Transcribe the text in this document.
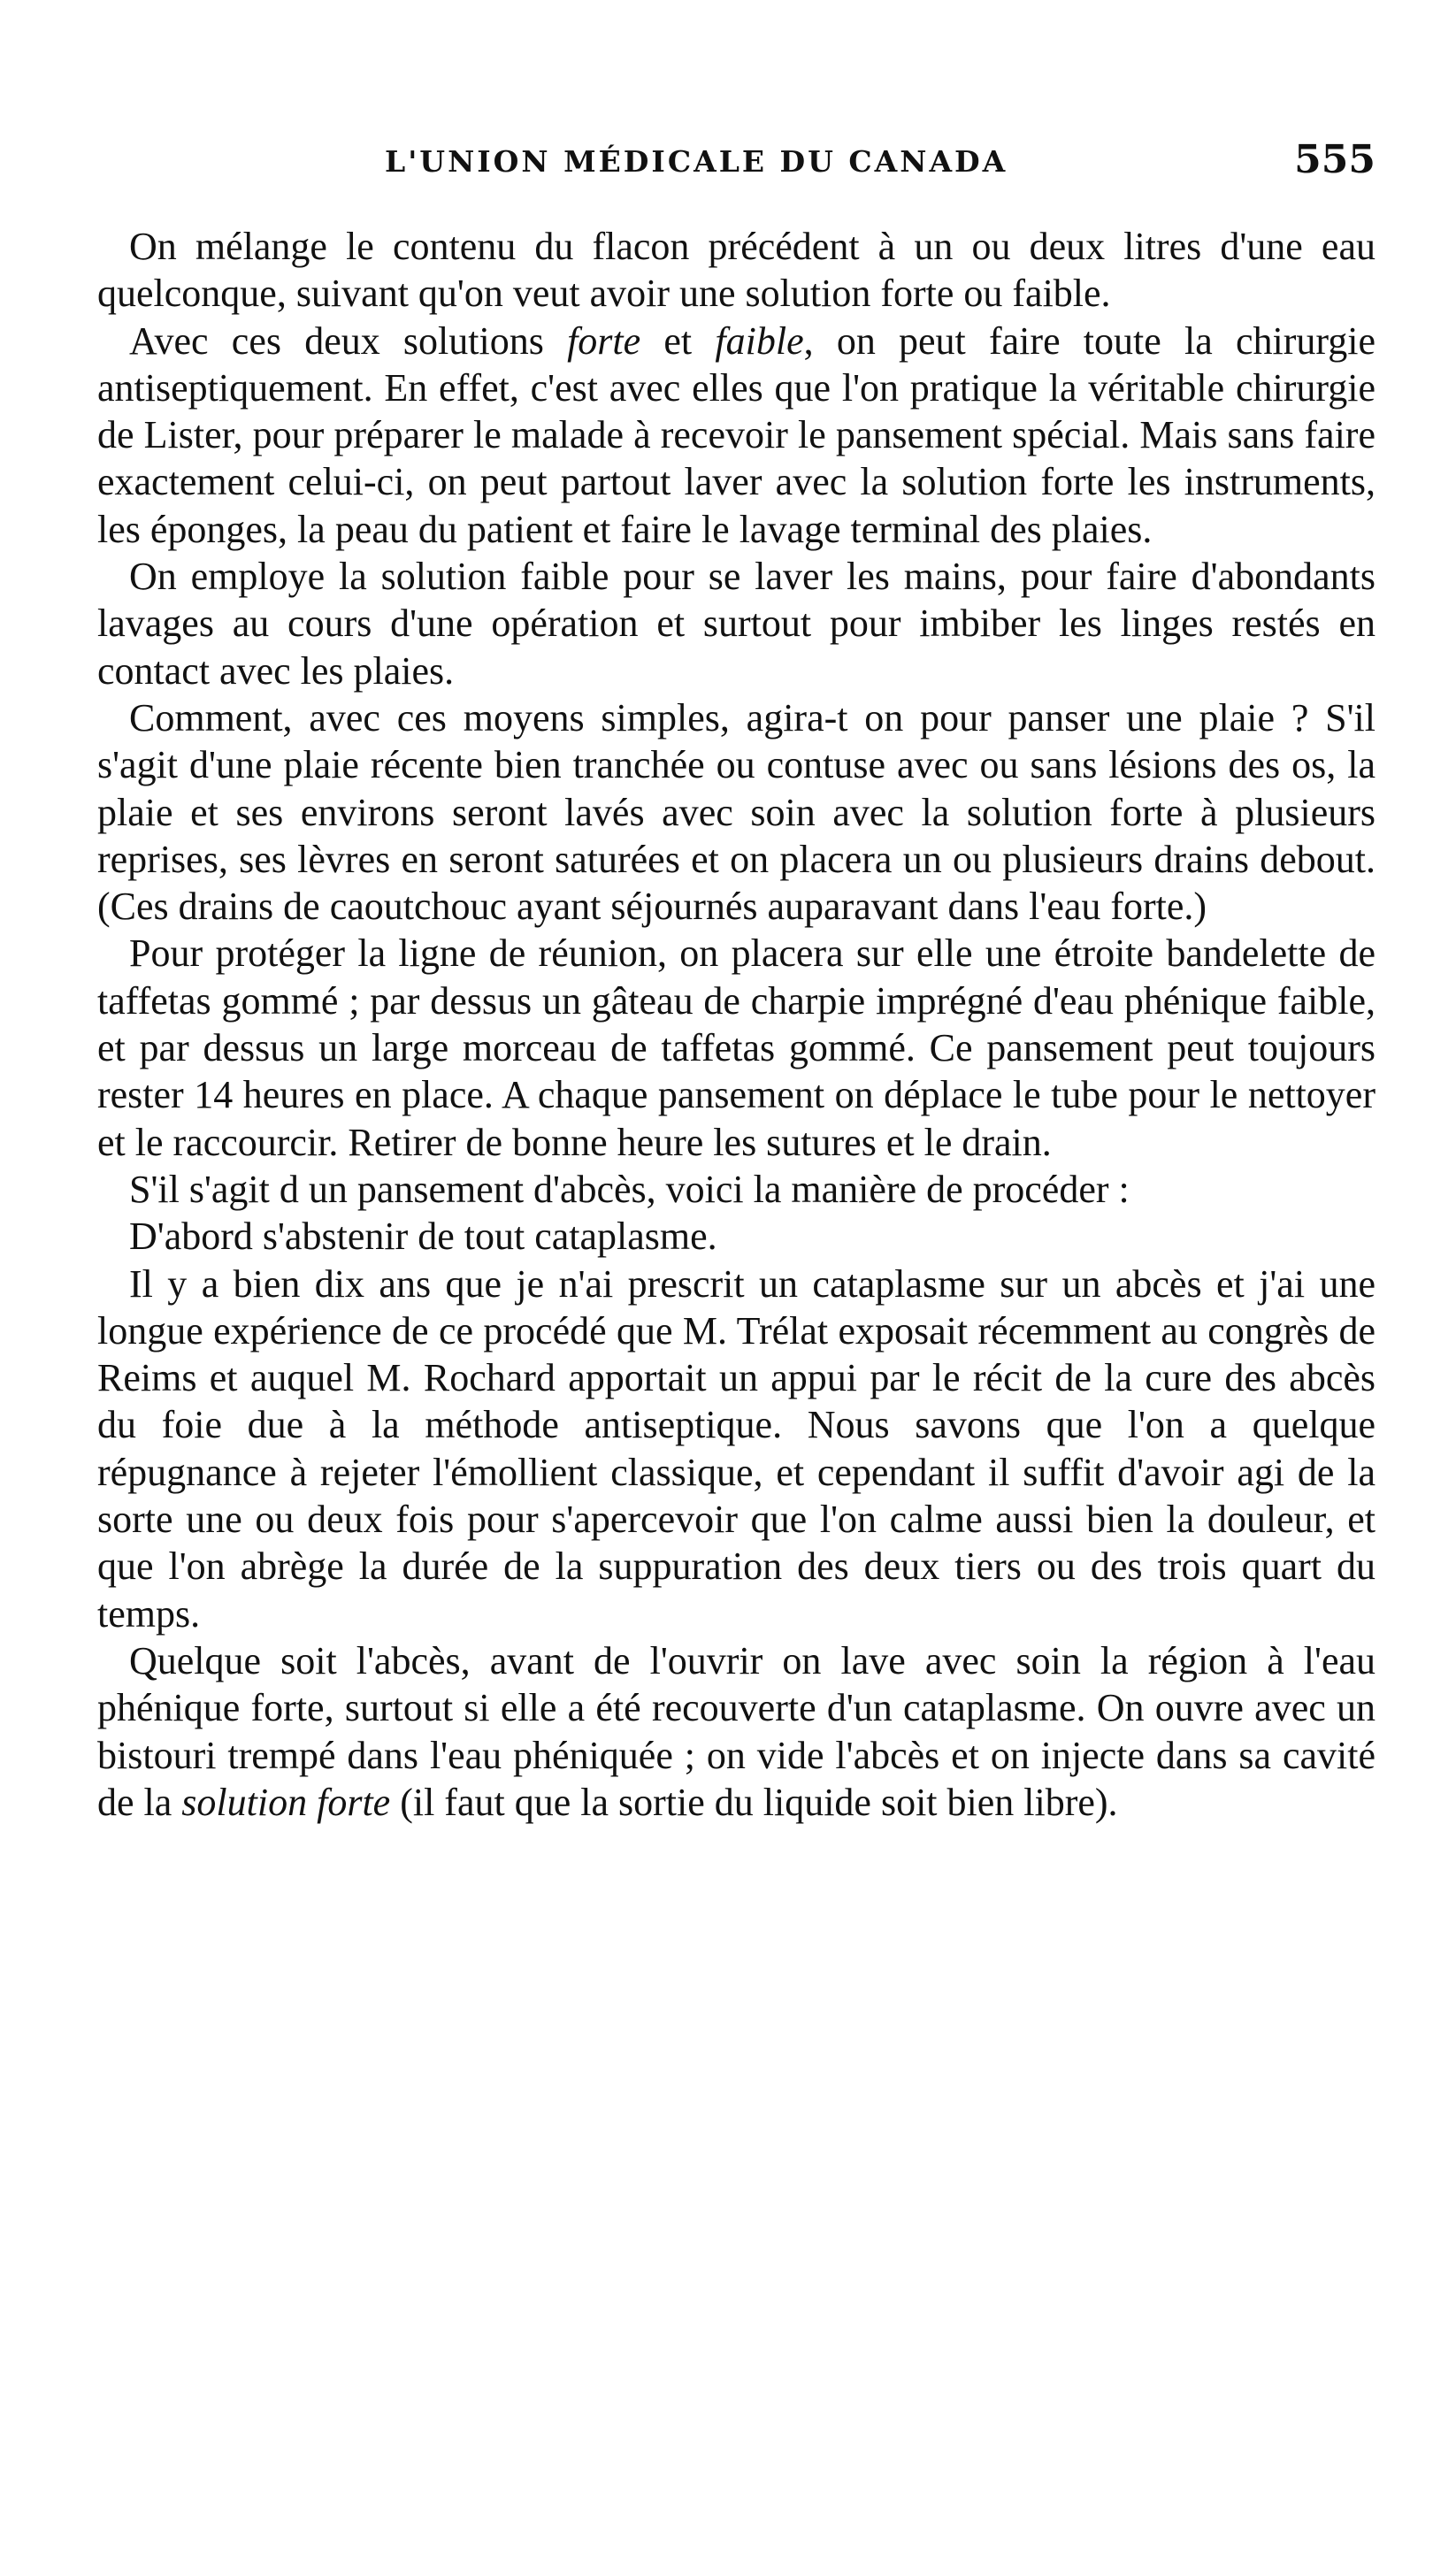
L'UNION MÉDICALE DU CANADA	555

On mélange le contenu du flacon précédent à un ou deux litres d'une eau quelconque, suivant qu'on veut avoir une solution forte ou faible.

Avec ces deux solutions forte et faible, on peut faire toute la chirurgie antiseptiquement. En effet, c'est avec elles que l'on pratique la véritable chirurgie de Lister, pour préparer le malade à recevoir le pansement spécial. Mais sans faire exactement celui-ci, on peut partout laver avec la solution forte les instruments, les éponges, la peau du patient et faire le lavage terminal des plaies.

On employe la solution faible pour se laver les mains, pour faire d'abondants lavages au cours d'une opération et surtout pour imbiber les linges restés en contact avec les plaies.

Comment, avec ces moyens simples, agira-t on pour panser une plaie ? S'il s'agit d'une plaie récente bien tranchée ou contuse avec ou sans lésions des os, la plaie et ses environs seront lavés avec soin avec la solution forte à plusieurs reprises, ses lèvres en seront saturées et on placera un ou plusieurs drains debout. (Ces drains de caoutchouc ayant séjournés auparavant dans l'eau forte.)

Pour protéger la ligne de réunion, on placera sur elle une étroite bandelette de taffetas gommé ; par dessus un gâteau de charpie imprégné d'eau phénique faible, et par dessus un large morceau de taffetas gommé. Ce pansement peut toujours rester 14 heures en place. A chaque pansement on déplace le tube pour le nettoyer et le raccourcir. Retirer de bonne heure les sutures et le drain.

S'il s'agit d un pansement d'abcès, voici la manière de procéder :

D'abord s'abstenir de tout cataplasme.

Il y a bien dix ans que je n'ai prescrit un cataplasme sur un abcès et j'ai une longue expérience de ce procédé que M. Trélat exposait récemment au congrès de Reims et auquel M. Rochard apportait un appui par le récit de la cure des abcès du foie due à la méthode antiseptique. Nous savons que l'on a quelque répugnance à rejeter l'émollient classique, et cependant il suffit d'avoir agi de la sorte une ou deux fois pour s'apercevoir que l'on calme aussi bien la douleur, et que l'on abrège la durée de la suppuration des deux tiers ou des trois quart du temps.

Quelque soit l'abcès, avant de l'ouvrir on lave avec soin la région à l'eau phénique forte, surtout si elle a été recouverte d'un cataplasme. On ouvre avec un bistouri trempé dans l'eau phéniquée ; on vide l'abcès et on injecte dans sa cavité de la solution forte (il faut que la sortie du liquide soit bien libre).
